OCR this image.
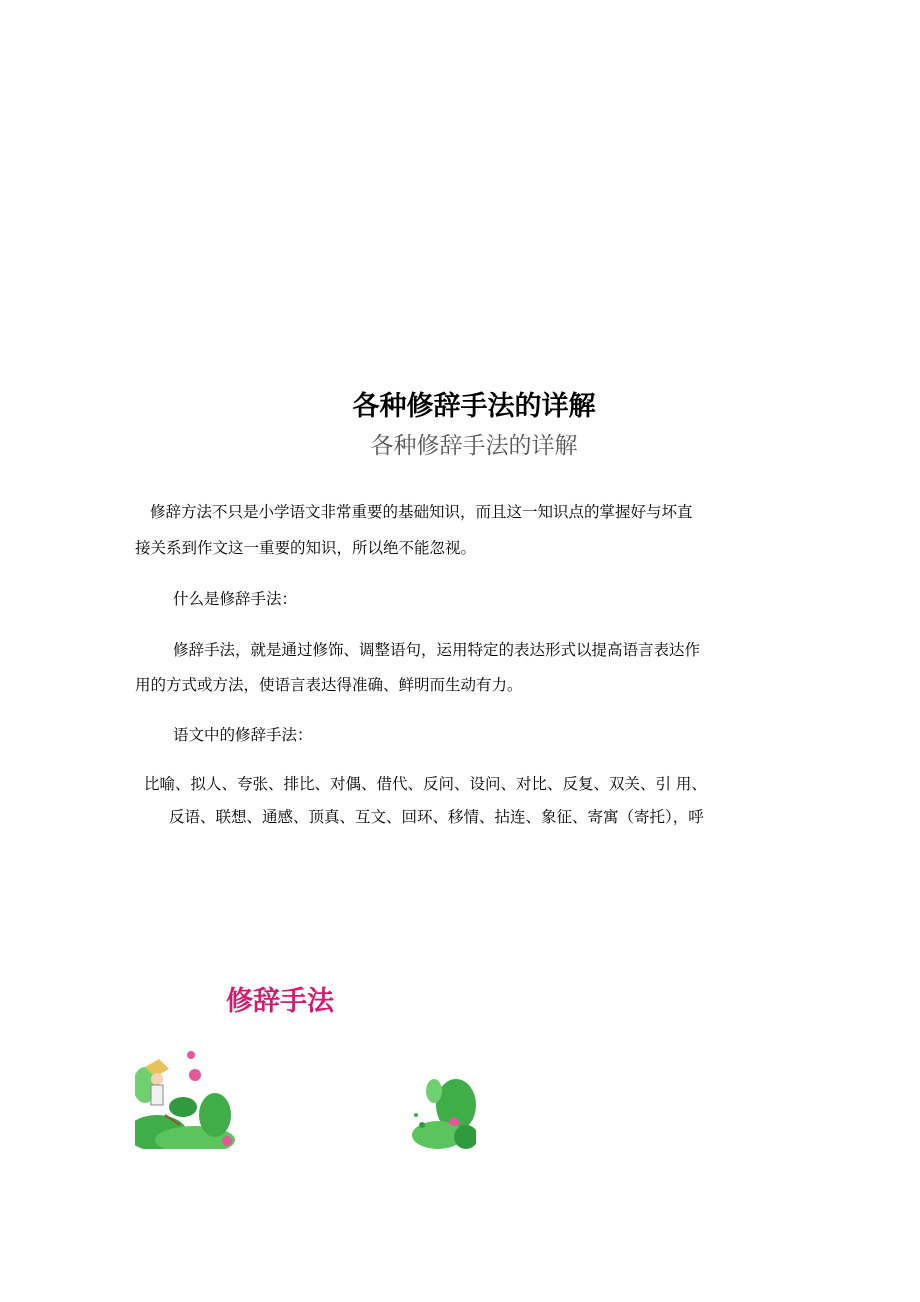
各种修辞手法的详解
各种修辞手法的详解
修辞方法不只是小学语文非常重要的基础知识，而且这一知识点的掌握好与坏直
接关系到作文这一重要的知识，所以绝不能忽视。
什么是修辞手法：
修辞手法，就是通过修饰、调整语句，运用特定的表达形式以提高语言表达作
用的方式或方法，使语言表达得准确、鲜明而生动有力。
语文中的修辞手法：
比喻、拟人、夸张、排比、对偶、借代、反问、设问、对比、反复、双关、引 用、
反语、联想、通感、顶真、互文、回环、移情、拈连、象征、寄寓（寄托），呼
修辞手法
